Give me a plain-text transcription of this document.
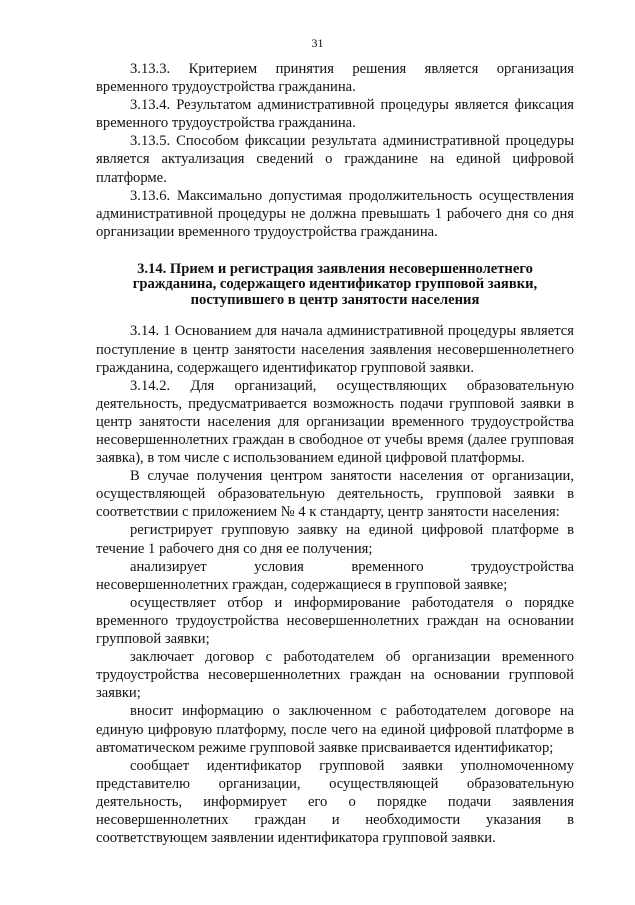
31

3.13.3. Критерием принятия решения является организация временного трудоустройства гражданина.

3.13.4. Результатом административной процедуры является фиксация временного трудоустройства гражданина.

3.13.5. Способом фиксации результата административной процедуры является актуализация сведений о гражданине на единой цифровой платформе.

3.13.6. Максимально допустимая продолжительность осуществления административной процедуры не должна превышать 1 рабочего дня со дня организации временного трудоустройства гражданина.

3.14. Прием и регистрация заявления несовершеннолетнего
гражданина, содержащего идентификатор групповой заявки,
поступившего в центр занятости населения

3.14. 1 Основанием для начала административной процедуры является поступление в центр занятости населения заявления несовершеннолетнего гражданина, содержащего идентификатор групповой заявки.

3.14.2. Для организаций, осуществляющих образовательную деятельность, предусматривается возможность подачи групповой заявки в центр занятости населения для организации временного трудоустройства несовершеннолетних граждан в свободное от учебы время (далее групповая заявка), в том числе с использованием единой цифровой платформы.

В случае получения центром занятости населения от организации, осуществляющей образовательную деятельность, групповой заявки в соответствии с приложением № 4 к стандарту, центр занятости населения:

регистрирует групповую заявку на единой цифровой платформе в течение 1 рабочего дня со дня ее получения;

анализирует условия временного трудоустройства несовершеннолетних граждан, содержащиеся в групповой заявке;

осуществляет отбор и информирование работодателя о порядке временного трудоустройства несовершеннолетних граждан на основании групповой заявки;

заключает договор с работодателем об организации временного трудоустройства несовершеннолетних граждан на основании групповой заявки;

вносит информацию о заключенном с работодателем договоре на единую цифровую платформу, после чего на единой цифровой платформе в автоматическом режиме групповой заявке присваивается идентификатор;

сообщает идентификатор групповой заявки уполномоченному представителю организации, осуществляющей образовательную деятельность, информирует его о порядке подачи заявления несовершеннолетних граждан и необходимости указания в соответствующем заявлении идентификатора групповой заявки.
